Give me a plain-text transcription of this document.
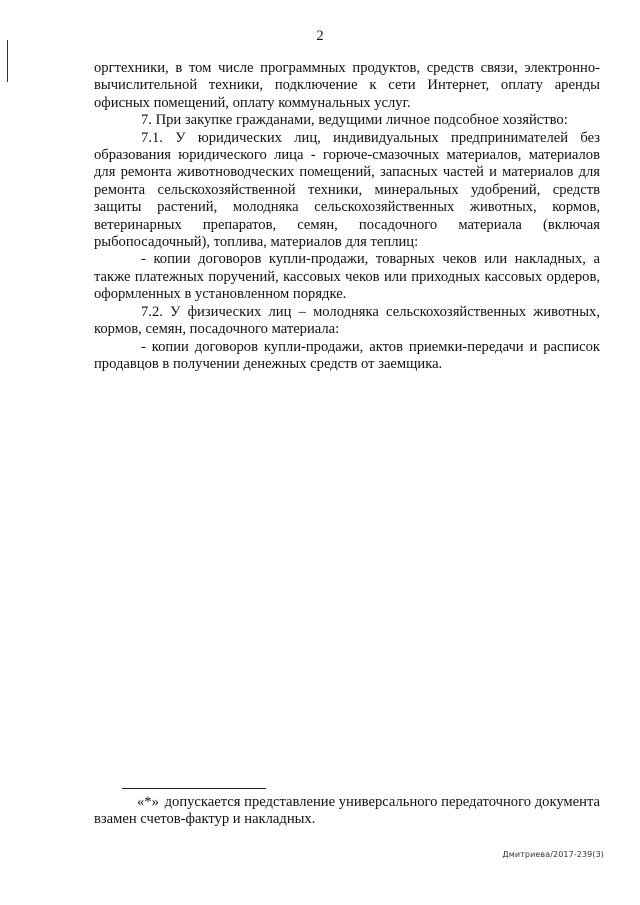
2

оргтехники, в том числе программных продуктов, средств связи, электронно-вычислительной техники, подключение к сети Интернет, оплату аренды офисных помещений, оплату коммунальных услуг.

7. При закупке гражданами, ведущими личное подсобное хозяйство:

7.1. У юридических лиц, индивидуальных предпринимателей без образования юридического лица - горюче-смазочных материалов, материалов для ремонта животноводческих помещений, запасных частей и материалов для ремонта сельскохозяйственной техники, минеральных удобрений, средств защиты растений, молодняка сельскохозяйственных животных, кормов, ветеринарных препаратов, семян, посадочного материала (включая рыбопосадочный), топлива, материалов для теплиц:

- копии договоров купли-продажи, товарных чеков или накладных, а также платежных поручений, кассовых чеков или приходных кассовых ордеров, оформленных в установленном порядке.

7.2. У физических лиц – молодняка сельскохозяйственных животных, кормов, семян, посадочного материала:

- копии договоров купли-продажи, актов приемки-передачи и расписок продавцов в получении денежных средств от заемщика.

«*» допускается представление универсального передаточного документа взамен счетов-фактур и накладных.

Дмитриева/2017-239(3)
